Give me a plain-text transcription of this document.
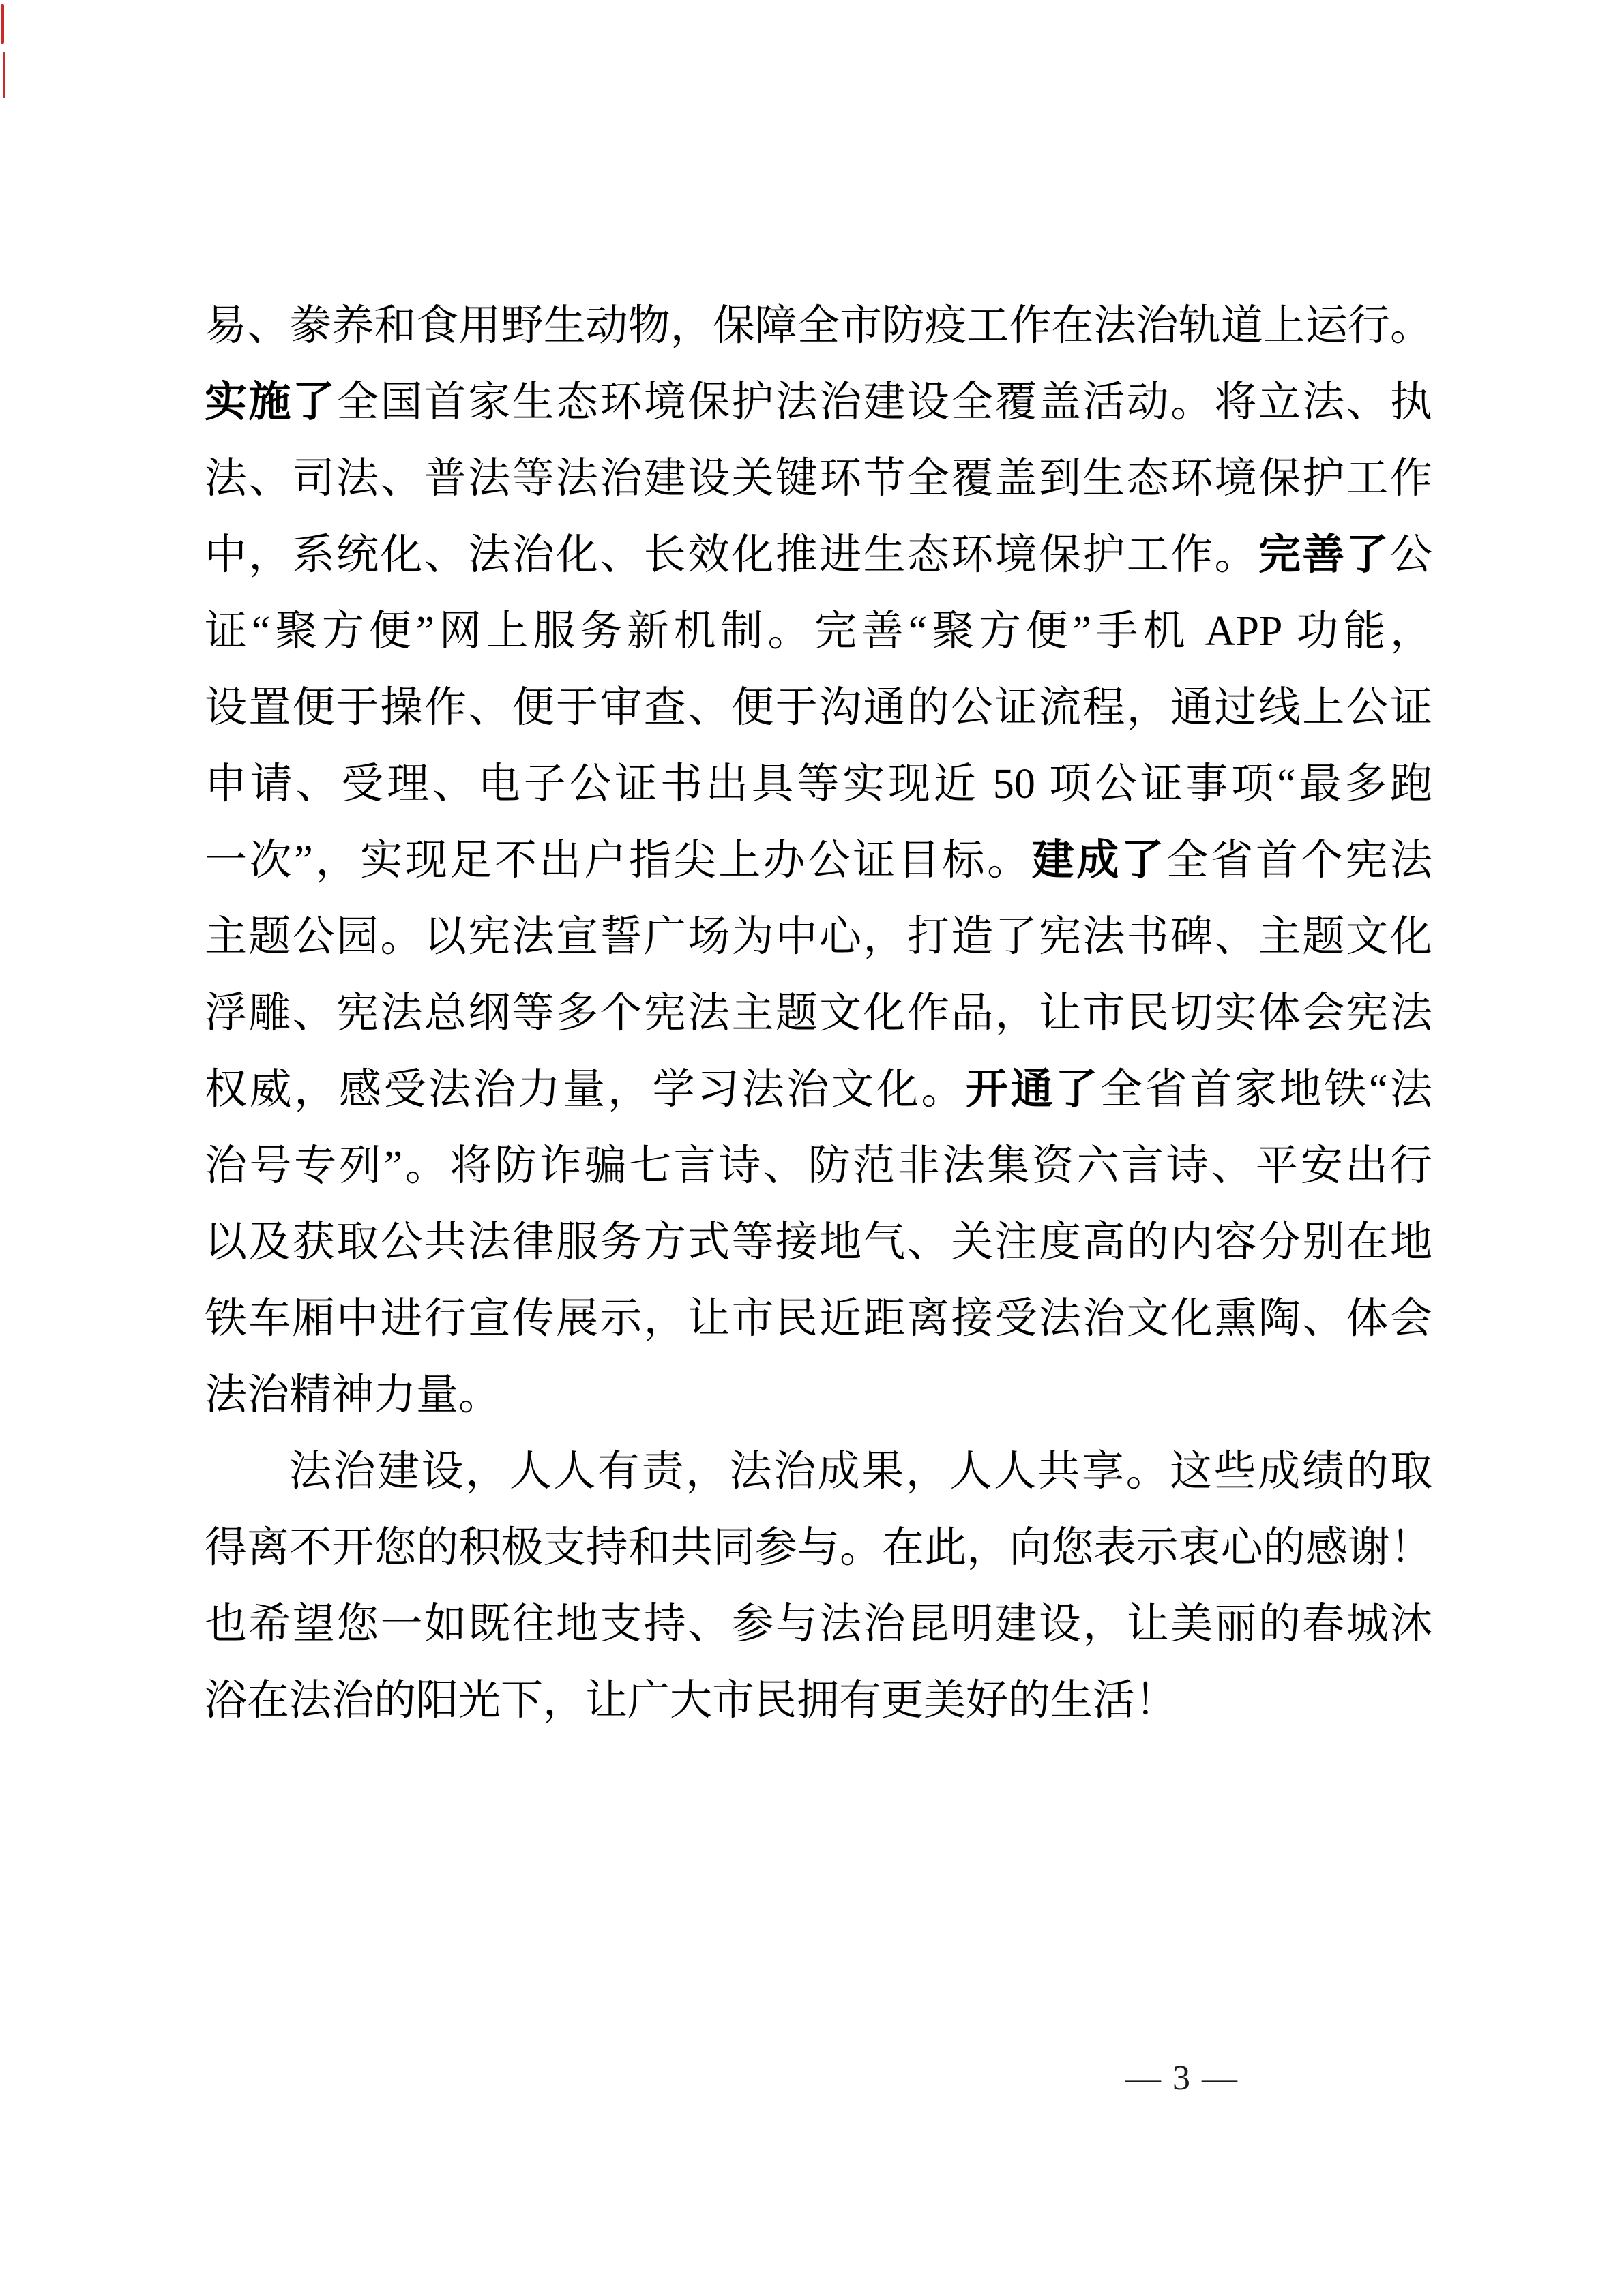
易、豢养和食用野生动物，保障全市防疫工作在法治轨道上运行。
实施了全国首家生态环境保护法治建设全覆盖活动。将立法、执
法、司法、普法等法治建设关键环节全覆盖到生态环境保护工作
中，系统化、法治化、长效化推进生态环境保护工作。完善了公
证“聚方便”网上服务新机制。完善“聚方便”手机 APP 功能，
设置便于操作、便于审查、便于沟通的公证流程，通过线上公证
申请、受理、电子公证书出具等实现近 50 项公证事项“最多跑
一次”，实现足不出户指尖上办公证目标。建成了全省首个宪法
主题公园。以宪法宣誓广场为中心，打造了宪法书碑、主题文化
浮雕、宪法总纲等多个宪法主题文化作品，让市民切实体会宪法
权威，感受法治力量，学习法治文化。开通了全省首家地铁“法
治号专列”。将防诈骗七言诗、防范非法集资六言诗、平安出行
以及获取公共法律服务方式等接地气、关注度高的内容分别在地
铁车厢中进行宣传展示，让市民近距离接受法治文化熏陶、体会
法治精神力量。
法治建设，人人有责，法治成果，人人共享。这些成绩的取
得离不开您的积极支持和共同参与。在此，向您表示衷心的感谢！
也希望您一如既往地支持、参与法治昆明建设，让美丽的春城沐
浴在法治的阳光下，让广大市民拥有更美好的生活！
— 3 —
